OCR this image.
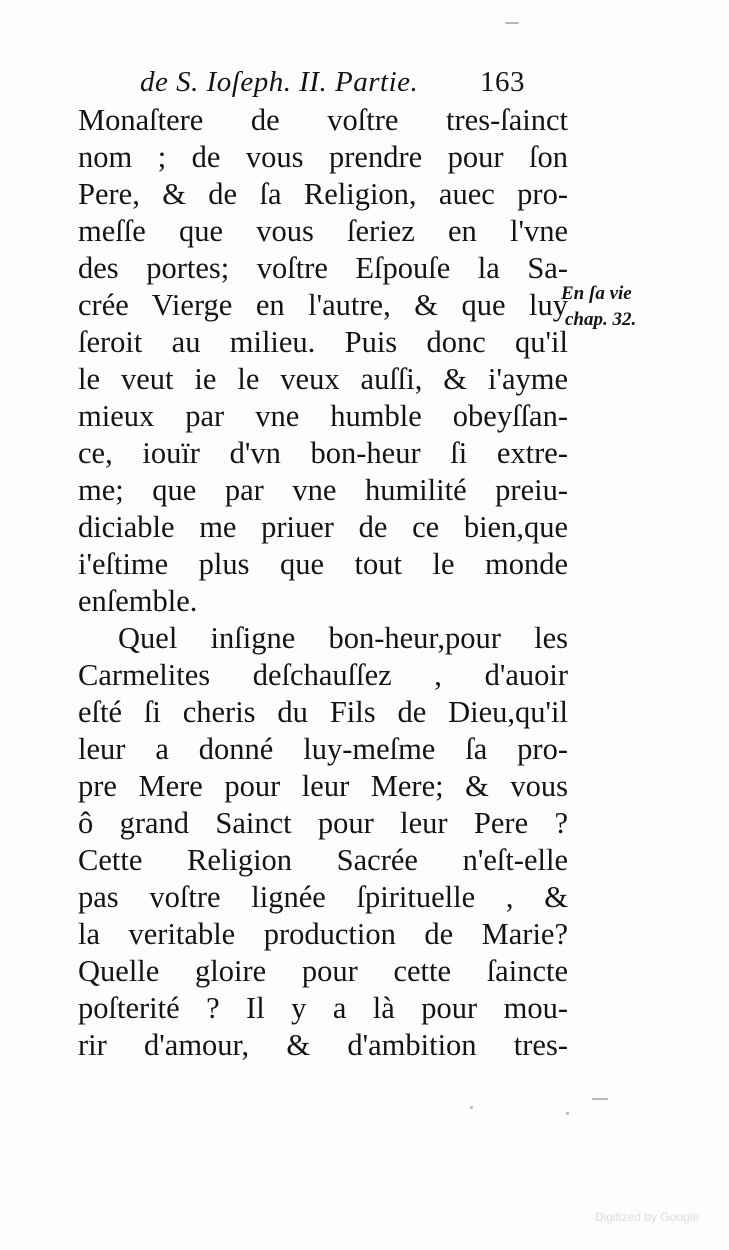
de S. Ioſeph. II. Partie. 163
Monaſtere de voſtre tres-ſainct
nom ; de vous prendre pour ſon
Pere, & de ſa Religion, auec pro-
meſſe que vous ſeriez en l'vne
des portes; voſtre Eſpouſe la Sa-
crée Vierge en l'autre, & que luy
ſeroit au milieu. Puis donc qu'il
le veut ie le veux auſſi, & i'ayme
mieux par vne humble obeyſſan-
ce, iouïr d'vn bon-heur ſi extre-
me; que par vne humilité preiu-
diciable me priuer de ce bien,que
i'eſtime plus que tout le monde
enſemble.
Quel inſigne bon-heur,pour les
Carmelites deſchauſſez , d'auoir
eſté ſi cheris du Fils de Dieu,qu'il
leur a donné luy-meſme ſa pro-
pre Mere pour leur Mere; & vous
ô grand Sainct pour leur Pere ?
Cette Religion Sacrée n'eſt-elle
pas voſtre lignée ſpirituelle , &
la veritable production de Marie?
Quelle gloire pour cette ſaincte
poſterité ? Il y a là pour mou-
rir d'amour, & d'ambition tres-
En ſa vie
chap. 32.
Digitized by Google
